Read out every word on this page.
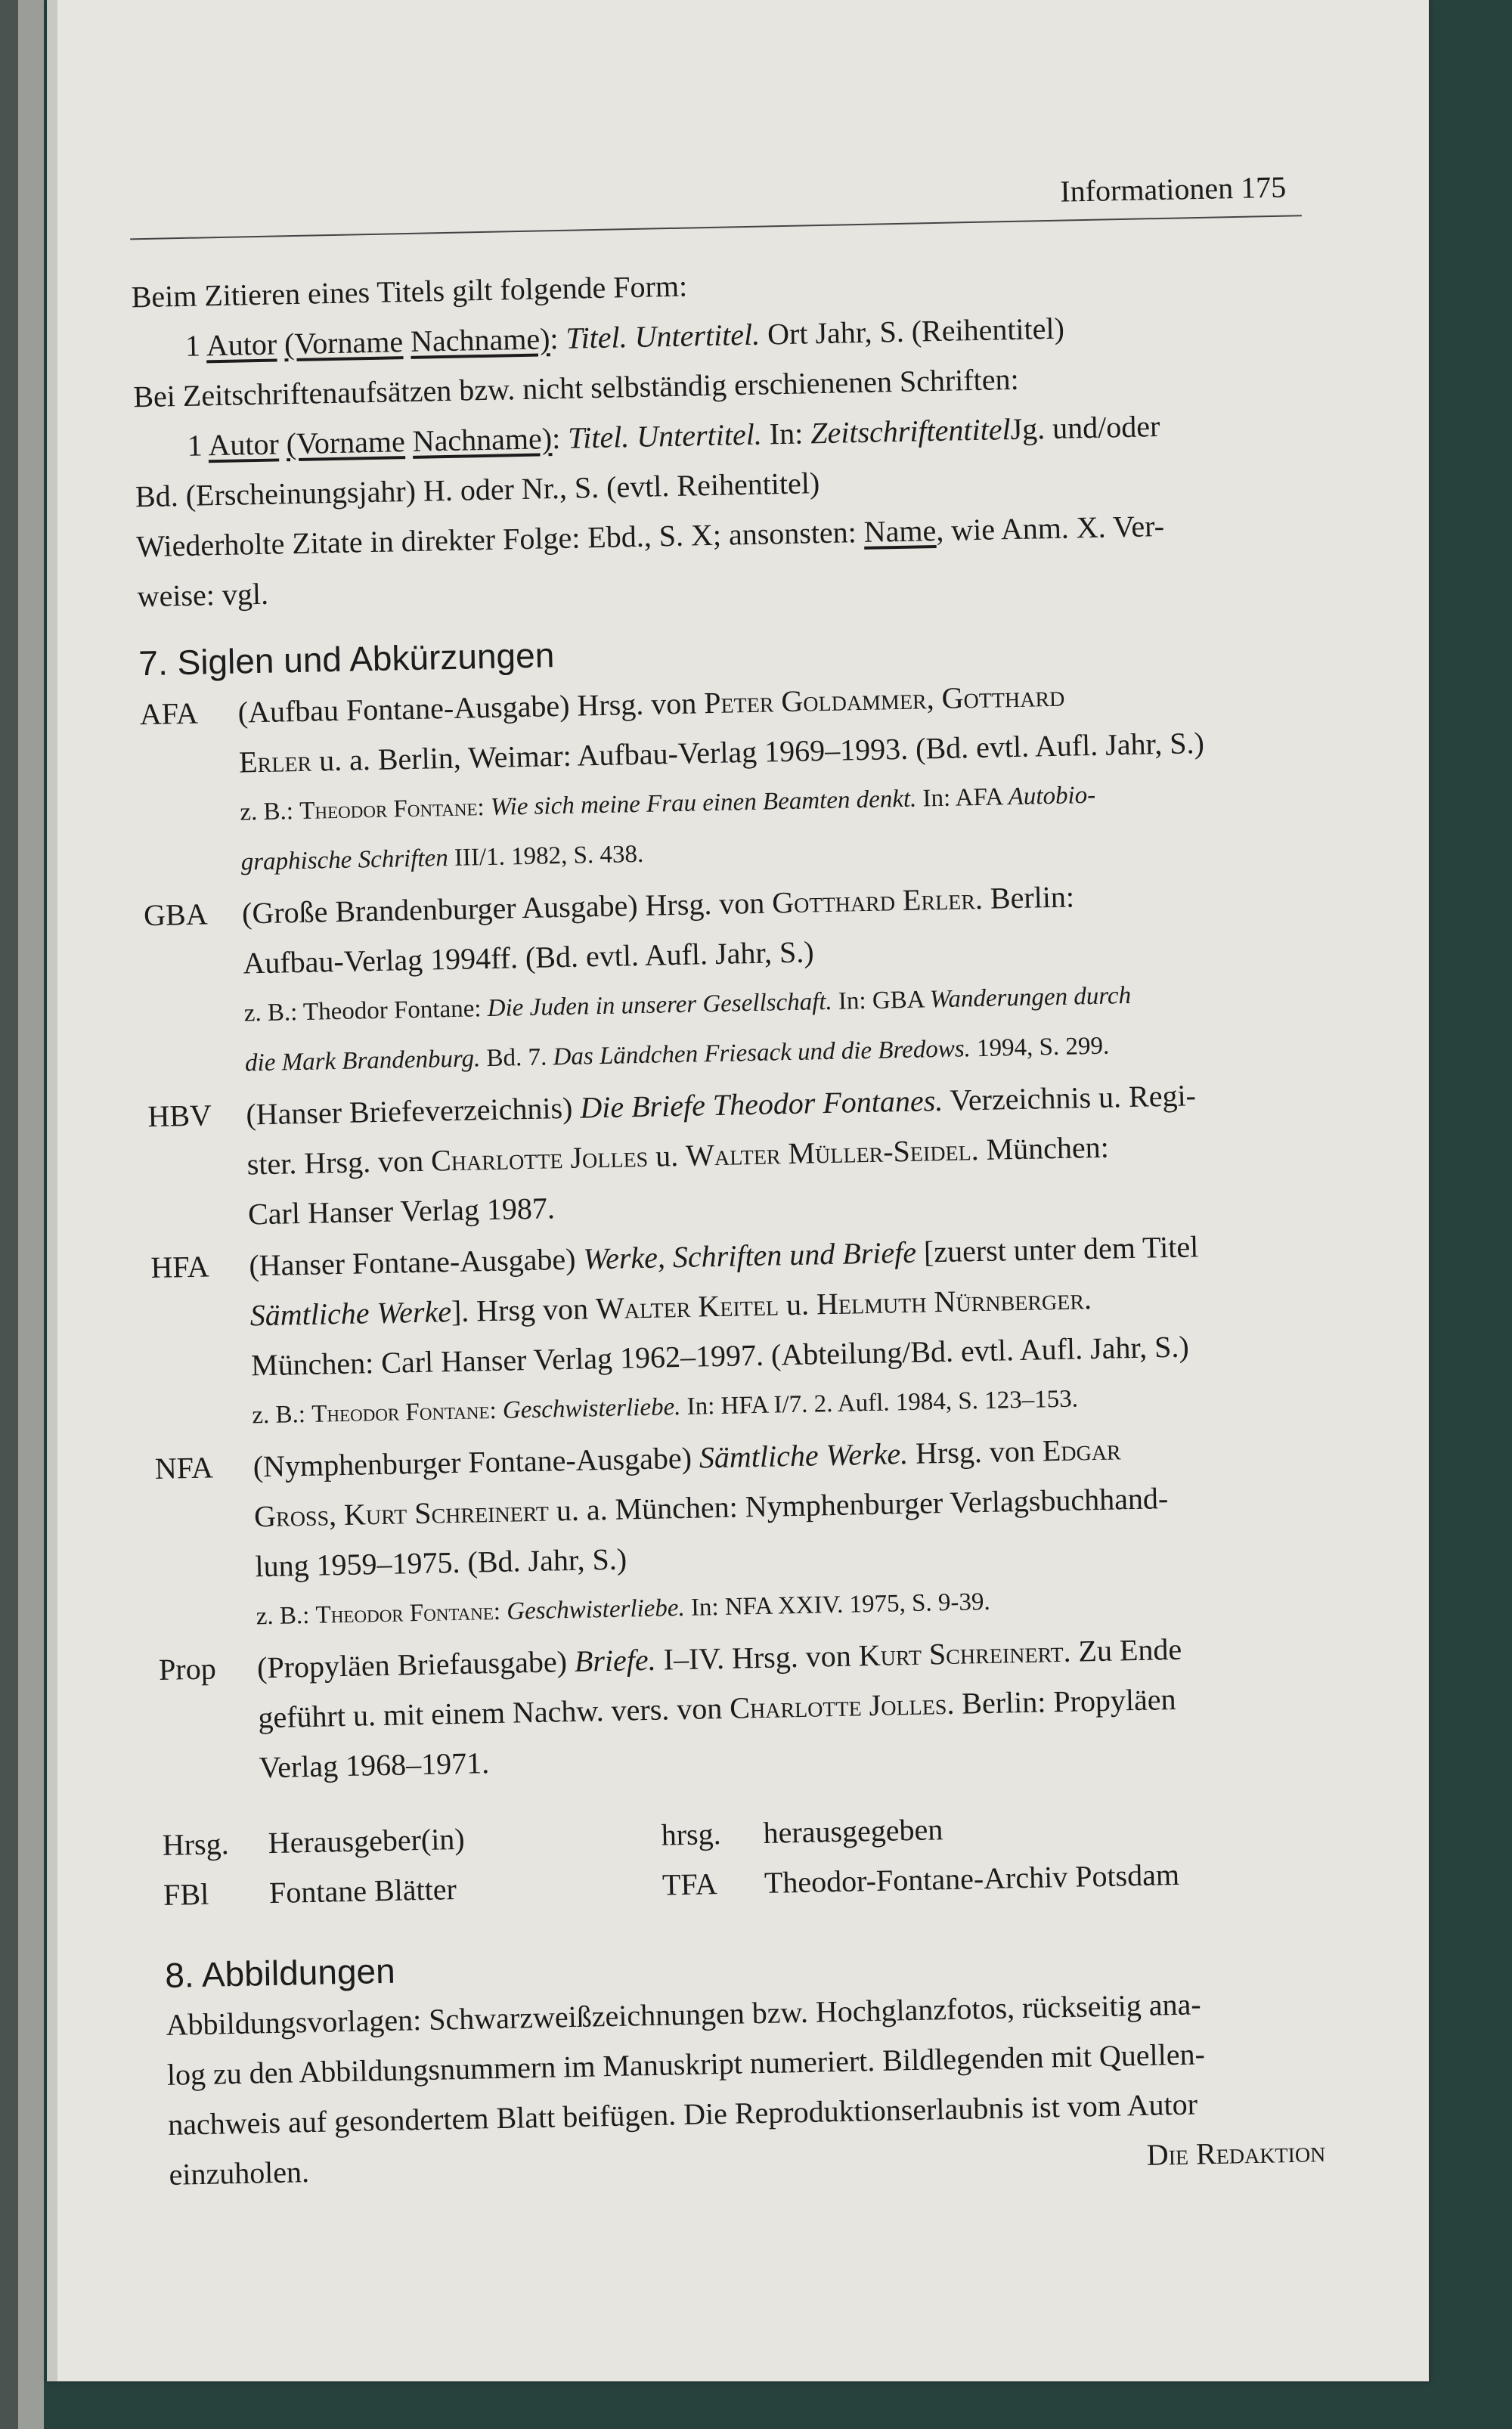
Informationen 175

Beim Zitieren eines Titels gilt folgende Form:

1 Autor (Vorname Nachname): Titel. Untertitel. Ort Jahr, S. (Reihentitel)

Bei Zeitschriftenaufsätzen bzw. nicht selbständig erschienenen Schriften:

1 Autor (Vorname Nachname): Titel. Untertitel. In: ZeitschriftentitelJg. und/oder

Bd. (Erscheinungsjahr) H. oder Nr., S. (evtl. Reihentitel)

Wiederholte Zitate in direkter Folge: Ebd., S. X; ansonsten: Name, wie Anm. X. Ver-

weise: vgl.

7. Siglen und Abkürzungen
AFA	(Aufbau Fontane-Ausgabe) Hrsg. von Peter Goldammer, Gotthard

Erler u. a. Berlin, Weimar: Aufbau-Verlag 1969–1993. (Bd. evtl. Aufl. Jahr, S.)

z. B.: Theodor Fontane: Wie sich meine Frau einen Beamten denkt. In: AFA Autobio-

graphische Schriften III/1. 1982, S. 438.

GBA	(Große Brandenburger Ausgabe) Hrsg. von Gotthard Erler. Berlin:

Aufbau-Verlag 1994ff. (Bd. evtl. Aufl. Jahr, S.)

z. B.: Theodor Fontane: Die Juden in unserer Gesellschaft. In: GBA Wanderungen durch

die Mark Brandenburg. Bd. 7. Das Ländchen Friesack und die Bredows. 1994, S. 299.

HBV	(Hanser Briefeverzeichnis) Die Briefe Theodor Fontanes. Verzeichnis u. Regi-

ster. Hrsg. von Charlotte Jolles u. Walter Müller-Seidel. München:

Carl Hanser Verlag 1987.

HFA	(Hanser Fontane-Ausgabe) Werke, Schriften und Briefe [zuerst unter dem Titel

Sämtliche Werke]. Hrsg von Walter Keitel u. Helmuth Nürnberger.

München: Carl Hanser Verlag 1962–1997. (Abteilung/Bd. evtl. Aufl. Jahr, S.)

z. B.: Theodor Fontane: Geschwisterliebe. In: HFA I/7. 2. Aufl. 1984, S. 123–153.

NFA	(Nymphenburger Fontane-Ausgabe) Sämtliche Werke. Hrsg. von Edgar

Gross, Kurt Schreinert u. a. München: Nymphenburger Verlagsbuchhand-

lung 1959–1975. (Bd. Jahr, S.)

z. B.: Theodor Fontane: Geschwisterliebe. In: NFA XXIV. 1975, S. 9-39.

Prop	(Propyläen Briefausgabe) Briefe. I–IV. Hrsg. von Kurt Schreinert. Zu Ende

geführt u. mit einem Nachw. vers. von Charlotte Jolles. Berlin: Propyläen

Verlag 1968–1971.

Hrsg.	Herausgeber(in)	hrsg.	herausgegeben
FBl	Fontane Blätter	TFA	Theodor-Fontane-Archiv Potsdam
8. Abbildungen

Abbildungsvorlagen: Schwarzweißzeichnungen bzw. Hochglanzfotos, rückseitig ana-

log zu den Abbildungsnummern im Manuskript numeriert. Bildlegenden mit Quellen-

nachweis auf gesondertem Blatt beifügen. Die Reproduktionserlaubnis ist vom Autor

einzuholen.
Die Redaktion
